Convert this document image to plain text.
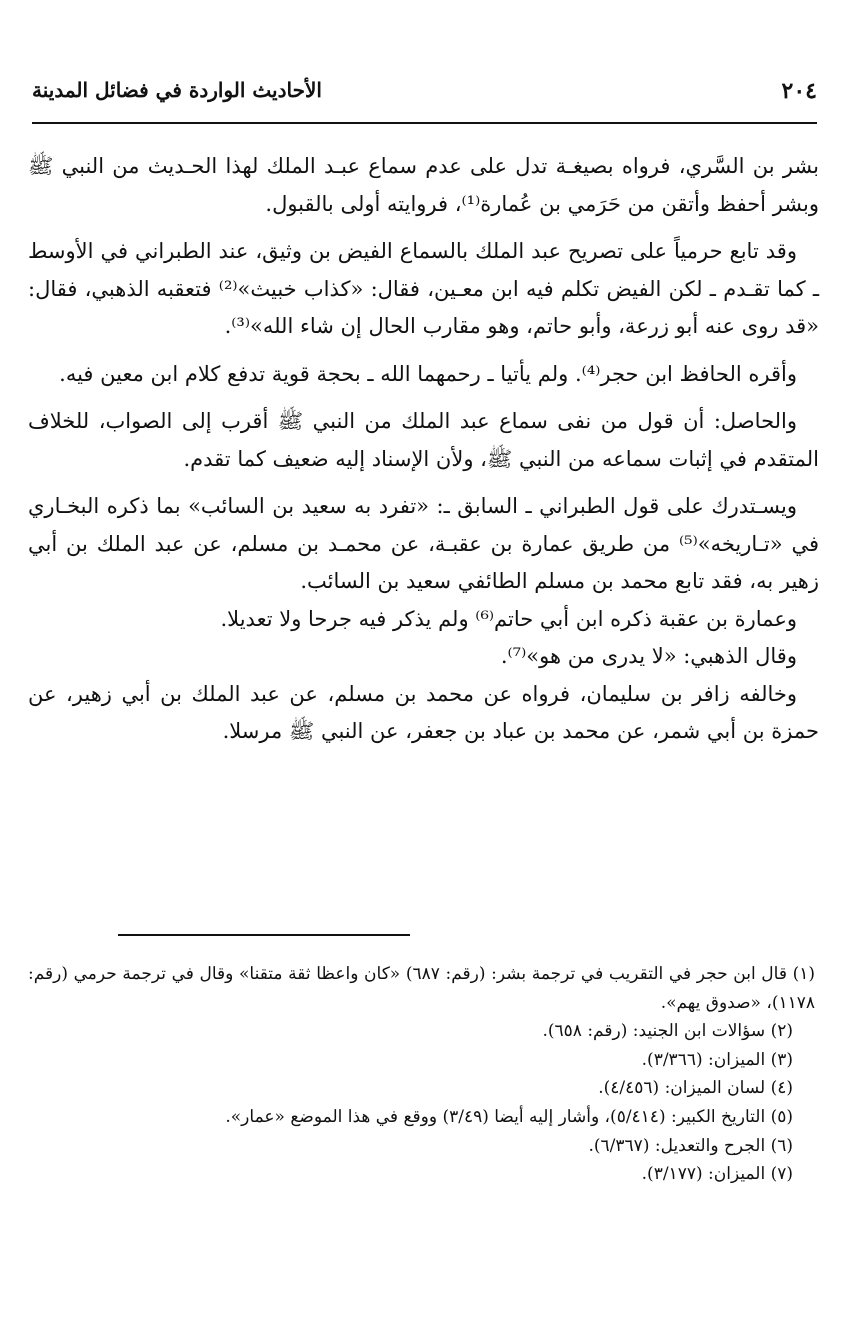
٢٠٤
الأحاديث الواردة في فضائل المدينة

بشر بن السَّري، فرواه بصيغـة تدل على عدم سماع عبـد الملك لهذا الحـديث من النبي ﷺ وبشر أحفظ وأتقن من حَرَمي بن عُمارة⁽¹⁾، فروايته أولى بالقبول.

وقد تابع حرمياً على تصريح عبد الملك بالسماع الفيض بن وثيق، عند الطبراني في الأوسط ـ كما تقـدم ـ لكن الفيض تكلم فيه ابن معـين، فقال: «كذاب خبيث»⁽²⁾ فتعقبه الذهبي، فقال: «قد روى عنه أبو زرعة، وأبو حاتم، وهو مقارب الحال إن شاء الله»⁽³⁾.

وأقره الحافظ ابن حجر⁽⁴⁾. ولم يأتيا ـ رحمهما الله ـ بحجة قوية تدفع كلام ابن معين فيه.

والحاصل: أن قول من نفى سماع عبد الملك من النبي ﷺ أقرب إلى الصواب، للخلاف المتقدم في إثبات سماعه من النبي ﷺ، ولأن الإسناد إليه ضعيف كما تقدم.

ويسـتدرك على قول الطبراني ـ السابق ـ: «تفرد به سعيد بن السائب» بما ذكره البخـاري في «تـاريخه»⁽⁵⁾ من طريق عمارة بن عقبـة، عن محمـد بن مسلم، عن عبد الملك بن أبي زهير به، فقد تابع محمد بن مسلم الطائفي سعيد بن السائب.

وعمارة بن عقبة ذكره ابن أبي حاتم⁽⁶⁾ ولم يذكر فيه جرحا ولا تعديلا.

وقال الذهبي: «لا يدرى من هو»⁽⁷⁾.

وخالفه زافر بن سليمان، فرواه عن محمد بن مسلم، عن عبد الملك بن أبي زهير، عن حمزة بن أبي شمر، عن محمد بن عباد بن جعفر، عن النبي ﷺ مرسلا.

(١) قال ابن حجر في التقريب في ترجمة بشر: (رقم: ٦٨٧) «كان واعظا ثقة متقنا» وقال في ترجمة حرمي (رقم: ١١٧٨)، «صدوق يهم».

(٢) سؤالات ابن الجنيد: (رقم: ٦٥٨).

(٣) الميزان: (٣/٣٦٦).

(٤) لسان الميزان: (٤/٤٥٦).

(٥) التاريخ الكبير: (٥/٤١٤)، وأشار إليه أيضا (٣/٤٩) ووقع في هذا الموضع «عمار».

(٦) الجرح والتعديل: (٦/٣٦٧).

(٧) الميزان: (٣/١٧٧).
